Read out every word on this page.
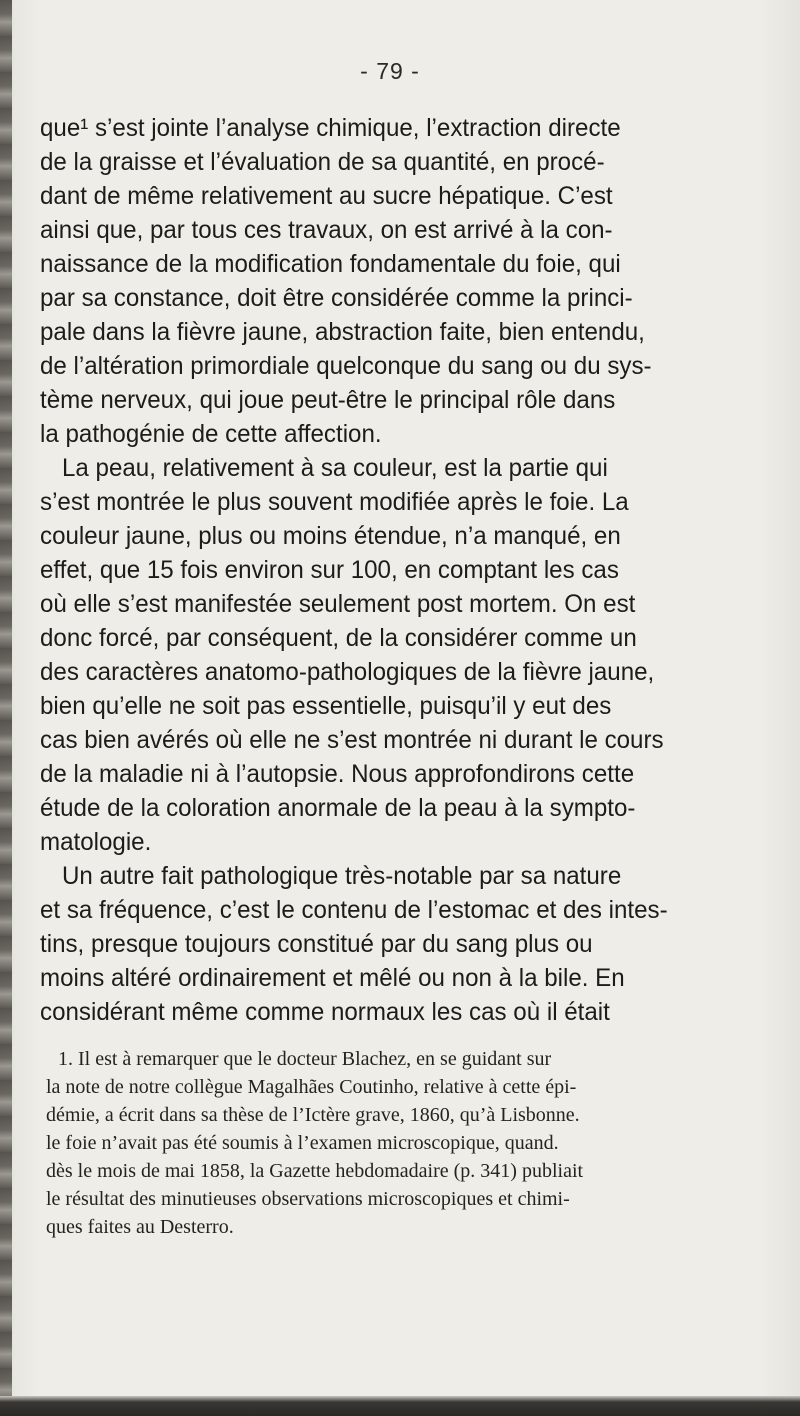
- 79 -
que¹ s’est jointe l’analyse chimique, l’extraction directe
de la graisse et l’évaluation de sa quantité, en procé-
dant de même relativement au sucre hépatique. C’est
ainsi que, par tous ces travaux, on est arrivé à la con-
naissance de la modification fondamentale du foie, qui
par sa constance, doit être considérée comme la princi-
pale dans la fièvre jaune, abstraction faite, bien entendu,
de l’altération primordiale quelconque du sang ou du sys-
tème nerveux, qui joue peut-être le principal rôle dans
la pathogénie de cette affection.
La peau, relativement à sa couleur, est la partie qui
s’est montrée le plus souvent modifiée après le foie. La
couleur jaune, plus ou moins étendue, n’a manqué, en
effet, que 15 fois environ sur 100, en comptant les cas
où elle s’est manifestée seulement post mortem. On est
donc forcé, par conséquent, de la considérer comme un
des caractères anatomo-pathologiques de la fièvre jaune,
bien qu’elle ne soit pas essentielle, puisqu’il y eut des
cas bien avérés où elle ne s’est montrée ni durant le cours
de la maladie ni à l’autopsie. Nous approfondirons cette
étude de la coloration anormale de la peau à la sympto-
matologie.
Un autre fait pathologique très-notable par sa nature
et sa fréquence, c’est le contenu de l’estomac et des intes-
tins, presque toujours constitué par du sang plus ou
moins altéré ordinairement et mêlé ou non à la bile. En
considérant même comme normaux les cas où il était
1. Il est à remarquer que le docteur Blachez, en se guidant sur
la note de notre collègue Magalhães Coutinho, relative à cette épi-
démie, a écrit dans sa thèse de l’Ictère grave, 1860, qu’à Lisbonne.
le foie n’avait pas été soumis à l’examen microscopique, quand.
dès le mois de mai 1858, la Gazette hebdomadaire (p. 341) publiait
le résultat des minutieuses observations microscopiques et chimi-
ques faites au Desterro.
